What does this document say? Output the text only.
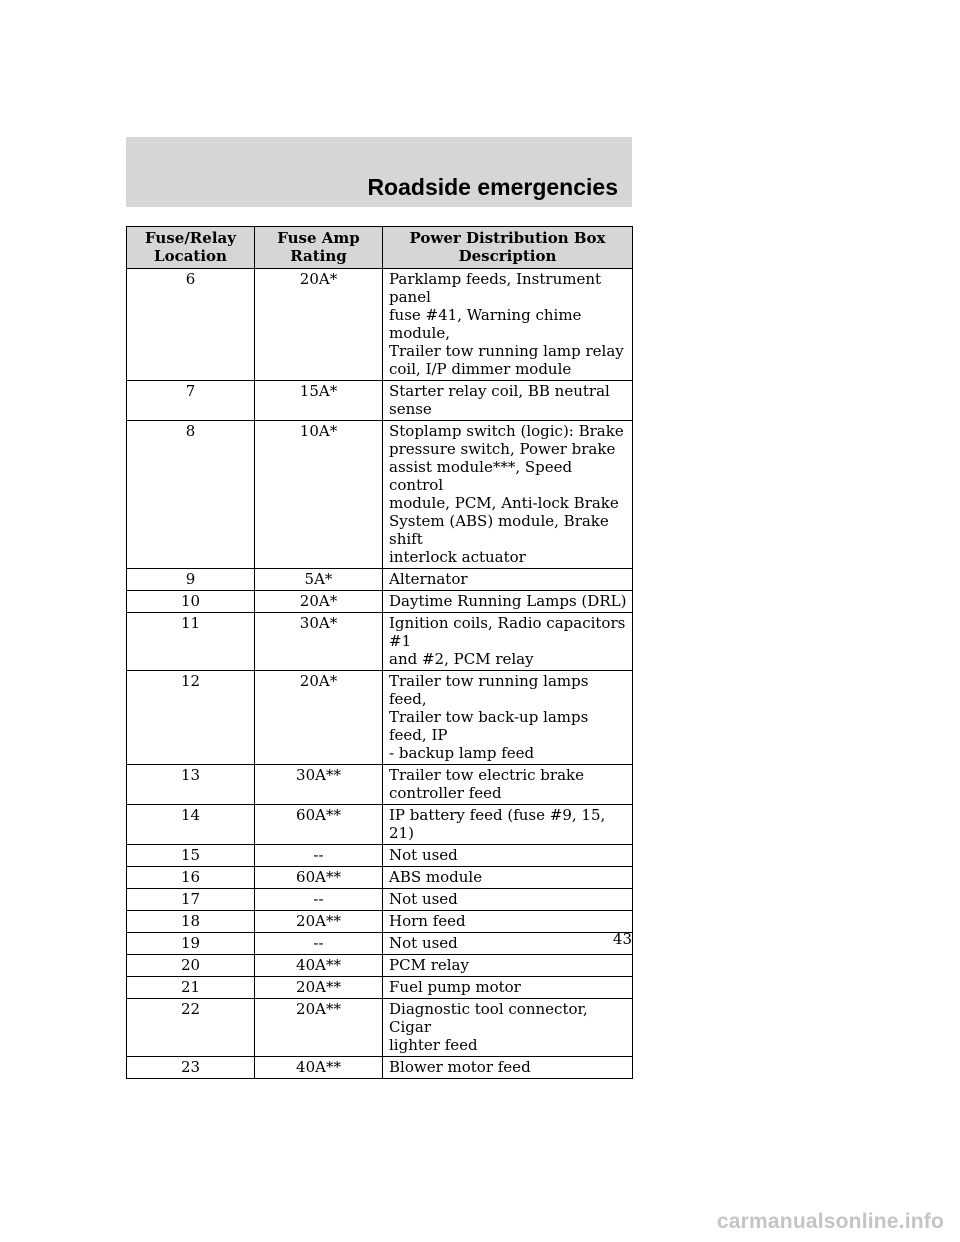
Roadside emergencies
Fuse/Relay
Location

Fuse Amp
Rating

Power Distribution Box
Description

6	20A*	Parklamp feeds, Instrument panel
fuse #41, Warning chime module,
Trailer tow running lamp relay
coil, I/P dimmer module

7	15A*	Starter relay coil, BB neutral
sense

8	10A*	Stoplamp switch (logic): Brake
pressure switch, Power brake
assist module***, Speed control
module, PCM, Anti-lock Brake
System (ABS) module, Brake shift
interlock actuator

9	5A*	Alternator

10	20A*	Daytime Running Lamps (DRL)

11	30A*	Ignition coils, Radio capacitors #1
and #2, PCM relay

12	20A*	Trailer tow running lamps feed,
Trailer tow back-up lamps feed, IP
- backup lamp feed

13	30A**	Trailer tow electric brake
controller feed

14	60A**	IP battery feed (fuse #9, 15, 21)

15	--	Not used

16	60A**	ABS module

17	--	Not used

18	20A**	Horn feed

19	--	Not used

20	40A**	PCM relay

21	20A**	Fuel pump motor

22	20A**	Diagnostic tool connector, Cigar
lighter feed

23	40A**	Blower motor feed
43
carmanualsonline.info
